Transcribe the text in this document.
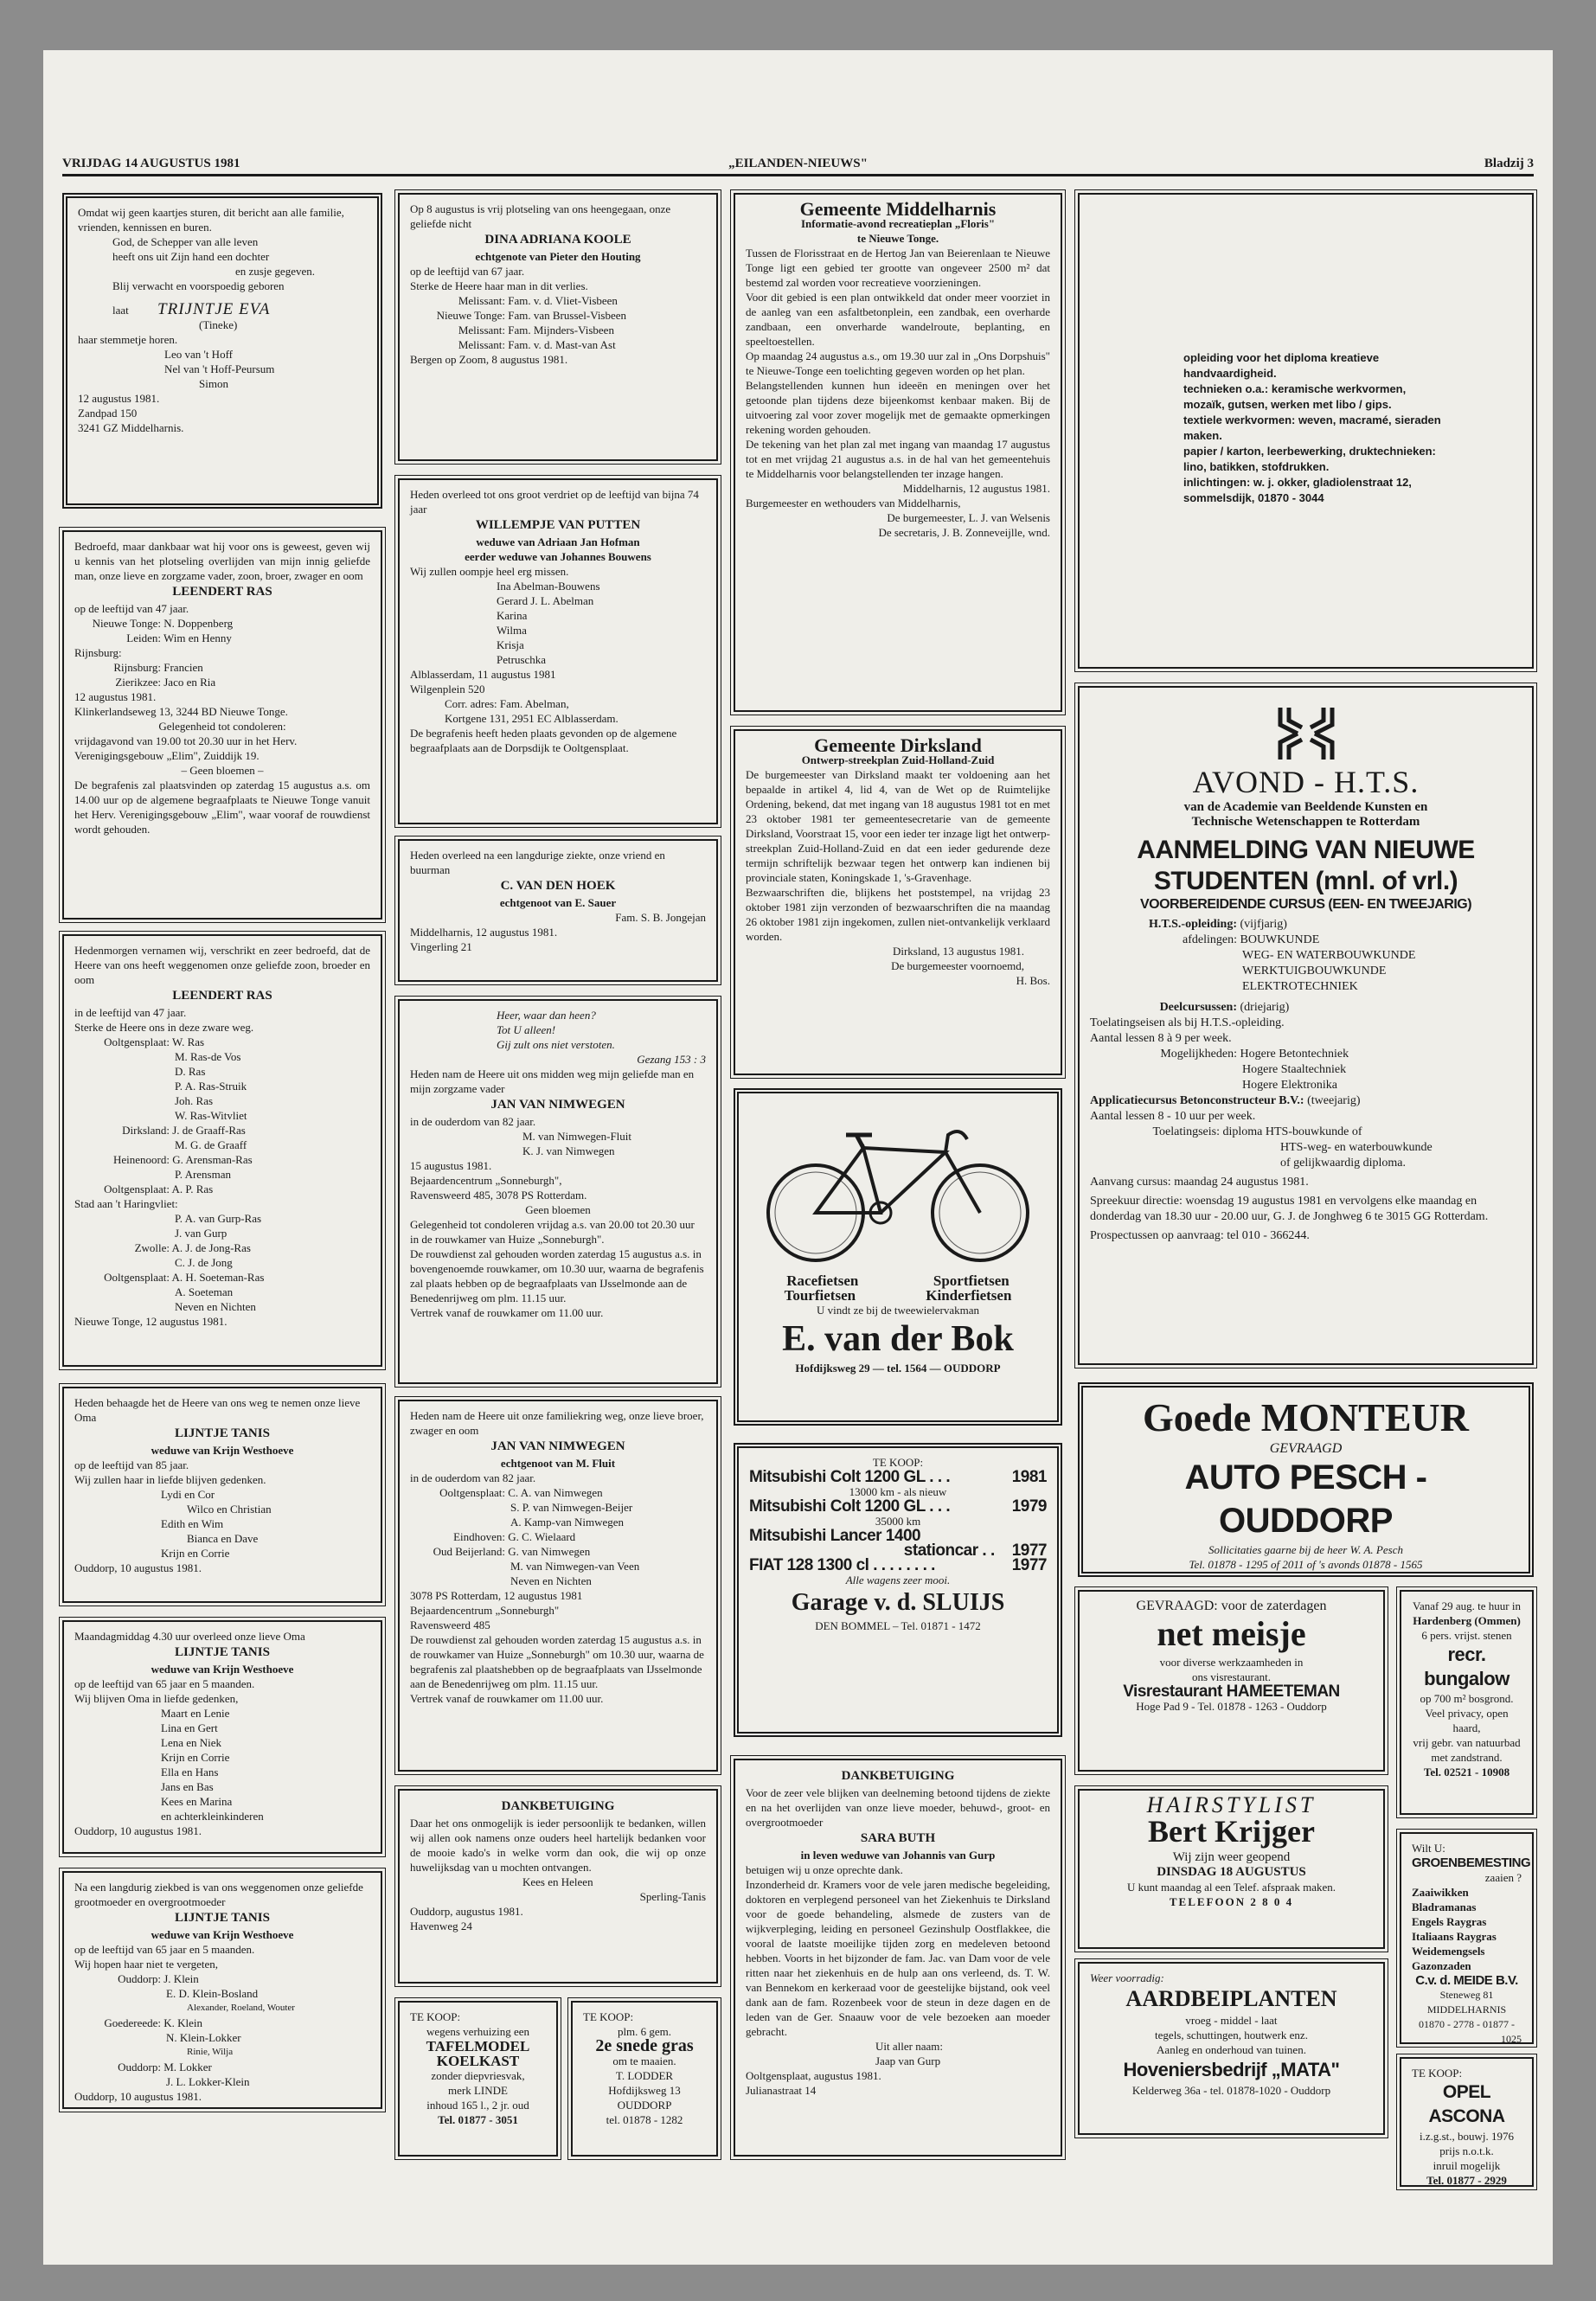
VRIJDAG 14 AUGUSTUS 1981	„EILANDEN-NIEUWS"	Bladzij 3
Omdat wij geen kaartjes sturen, dit bericht aan alle familie, vrienden, kennissen en buren.
God, de Schepper van alle leven
heeft ons uit Zijn hand een dochter
en zusje gegeven.
Blij verwacht en voorspoedig geboren
laat TRIJNTJE EVA
(Tineke)
haar stemmetje horen.
Leo van 't Hoff
Nel van 't Hoff-Peursum
Simon
12 augustus 1981.
Zandpad 150
3241 GZ Middelharnis.
Bedroefd, maar dankbaar wat hij voor ons is geweest, geven wij u kennis van het plotseling overlijden van mijn innig geliefde man, onze lieve en zorgzame vader, zoon, broer, zwager en oom
LEENDERT RAS
op de leeftijd van 47 jaar.
Nieuwe Tonge: N. Doppenberg
Leiden: Wim en Henny
Rijnsburg:
Rijnsburg: Francien
Zierikzee: Jaco en Ria
12 augustus 1981.
Klinkerlandseweg 13, 3244 BD Nieuwe Tonge.
Gelegenheid tot condoleren:
vrijdagavond van 19.00 tot 20.30 uur in het Herv. Verenigingsgebouw „Elim", Zuiddijk 19.
– Geen bloemen –
De begrafenis zal plaatsvinden op zaterdag 15 augustus a.s. om 14.00 uur op de algemene begraafplaats te Nieuwe Tonge vanuit het Herv. Verenigingsgebouw „Elim", waar vooraf de rouwdienst wordt gehouden.
Hedenmorgen vernamen wij, verschrikt en zeer bedroefd, dat de Heere van ons heeft weggenomen onze geliefde zoon, broeder en oom
LEENDERT RAS
in de leeftijd van 47 jaar.
Sterke de Heere ons in deze zware weg.
Ooltgensplaat: W. Ras
M. Ras-de Vos
D. Ras
P. A. Ras-Struik
Joh. Ras
W. Ras-Witvliet
Dirksland: J. de Graaff-Ras
M. G. de Graaff
Heinenoord: G. Arensman-Ras
P. Arensman
Ooltgensplaat: A. P. Ras
Stad aan 't Haringvliet:
P. A. van Gurp-Ras
J. van Gurp
Zwolle: A. J. de Jong-Ras
C. J. de Jong
Ooltgensplaat: A. H. Soeteman-Ras
A. Soeteman
Neven en Nichten
Nieuwe Tonge, 12 augustus 1981.
Heden behaagde het de Heere van ons weg te nemen onze lieve Oma
LIJNTJE TANIS
weduwe van Krijn Westhoeve
op de leeftijd van 85 jaar.
Wij zullen haar in liefde blijven gedenken.
Lydi en Cor
Wilco en Christian
Edith en Wim
Bianca en Dave
Krijn en Corrie
Ouddorp, 10 augustus 1981.
Maandagmiddag 4.30 uur overleed onze lieve Oma
LIJNTJE TANIS
weduwe van Krijn Westhoeve
op de leeftijd van 65 jaar en 5 maanden.
Wij blijven Oma in liefde gedenken,
Maart en Lenie
Lina en Gert
Lena en Niek
Krijn en Corrie
Ella en Hans
Jans en Bas
Kees en Marina
en achterkleinkinderen
Ouddorp, 10 augustus 1981.
Na een langdurig ziekbed is van ons weggenomen onze geliefde grootmoeder en overgrootmoeder
LIJNTJE TANIS
weduwe van Krijn Westhoeve
op de leeftijd van 65 jaar en 5 maanden.
Wij hopen haar niet te vergeten,
Ouddorp: J. Klein
E. D. Klein-Bosland
Alexander, Roeland, Wouter
Goedereede: K. Klein
N. Klein-Lokker
Rinie, Wilja
Ouddorp: M. Lokker
J. L. Lokker-Klein
Ouddorp, 10 augustus 1981.
Op 8 augustus is vrij plotseling van ons heengegaan, onze geliefde nicht
DINA ADRIANA KOOLE
echtgenote van Pieter den Houting
op de leeftijd van 67 jaar.
Sterke de Heere haar man in dit verlies.
Melissant: Fam. v. d. Vliet-Visbeen
Nieuwe Tonge: Fam. van Brussel-Visbeen
Melissant: Fam. Mijnders-Visbeen
Melissant: Fam. v. d. Mast-van Ast
Bergen op Zoom, 8 augustus 1981.
Heden overleed tot ons groot verdriet op de leeftijd van bijna 74 jaar
WILLEMPJE VAN PUTTEN
weduwe van Adriaan Jan Hofman
eerder weduwe van Johannes Bouwens
Wij zullen oompje heel erg missen.
Ina Abelman-Bouwens
Gerard J. L. Abelman
Karina
Wilma
Krisja
Petruschka
Alblasserdam, 11 augustus 1981
Wilgenplein 520
Corr. adres: Fam. Abelman,
Kortgene 131, 2951 EC Alblasserdam.
De begrafenis heeft heden plaats gevonden op de algemene begraafplaats aan de Dorpsdijk te Ooltgensplaat.
Heden overleed na een langdurige ziekte, onze vriend en buurman
C. VAN DEN HOEK
echtgenoot van E. Sauer
Fam. S. B. Jongejan
Middelharnis, 12 augustus 1981.
Vingerling 21
Heer, waar dan heen?
Tot U alleen!
Gij zult ons niet verstoten.
Gezang 153 : 3
Heden nam de Heere uit ons midden weg mijn geliefde man en mijn zorgzame vader
JAN VAN NIMWEGEN
in de ouderdom van 82 jaar.
M. van Nimwegen-Fluit
K. J. van Nimwegen
15 augustus 1981.
Bejaardencentrum „Sonneburgh",
Ravensweerd 485, 3078 PS Rotterdam.
Geen bloemen
Gelegenheid tot condoleren vrijdag a.s. van 20.00 tot 20.30 uur in de rouwkamer van Huize „Sonneburgh".
De rouwdienst zal gehouden worden zaterdag 15 augustus a.s. in bovengenoemde rouwkamer, om 10.30 uur, waarna de begrafenis zal plaats hebben op de begraafplaats van IJsselmonde aan de Benedenrijweg om plm. 11.15 uur.
Vertrek vanaf de rouwkamer om 11.00 uur.
Heden nam de Heere uit onze familiekring weg, onze lieve broer, zwager en oom
JAN VAN NIMWEGEN
echtgenoot van M. Fluit
in de ouderdom van 82 jaar.
Ooltgensplaat: C. A. van Nimwegen
S. P. van Nimwegen-Beijer
A. Kamp-van Nimwegen
Eindhoven: G. C. Wielaard
Oud Beijerland: G. van Nimwegen
M. van Nimwegen-van Veen
Neven en Nichten
3078 PS Rotterdam, 12 augustus 1981
Bejaardencentrum „Sonneburgh"
Ravensweerd 485
De rouwdienst zal gehouden worden zaterdag 15 augustus a.s. in de rouwkamer van Huize „Sonneburgh" om 10.30 uur, waarna de begrafenis zal plaatshebben op de begraafplaats van IJsselmonde aan de Benedenrijweg om plm. 11.15 uur.
Vertrek vanaf de rouwkamer om 11.00 uur.
DANKBETUIGING
Daar het ons onmogelijk is ieder persoonlijk te bedanken, willen wij allen ook namens onze ouders heel hartelijk bedanken voor de mooie kado's in welke vorm dan ook, die wij op onze huwelijksdag van u mochten ontvangen.
Kees en Heleen
Sperling-Tanis
Ouddorp, augustus 1981.
Havenweg 24
TE KOOP:
wegens verhuizing een
TAFELMODEL
KOELKAST
zonder diepvriesvak,
merk LINDE
inhoud 165 l., 2 jr. oud
Tel. 01877 - 3051
TE KOOP:
plm. 6 gem.
2e snede gras
om te maaien.
T. LODDER
Hofdijksweg 13
OUDDORP
tel. 01878 - 1282
Gemeente Middelharnis
Informatie-avond recreatieplan „Floris"
te Nieuwe Tonge.
Tussen de Florisstraat en de Hertog Jan van Beierenlaan te Nieuwe Tonge ligt een gebied ter grootte van ongeveer 2500 m² dat bestemd zal worden voor recreatieve voorzieningen.
Voor dit gebied is een plan ontwikkeld dat onder meer voorziet in de aanleg van een asfaltbetonplein, een zandbak, een overharde zandbaan, een onverharde wandelroute, beplanting, en speeltoestellen.
Op maandag 24 augustus a.s., om 19.30 uur zal in „Ons Dorpshuis" te Nieuwe-Tonge een toelichting gegeven worden op het plan.
Belangstellenden kunnen hun ideeën en meningen over het getoonde plan tijdens deze bijeenkomst kenbaar maken. Bij de uitvoering zal voor zover mogelijk met de gemaakte opmerkingen rekening worden gehouden.
De tekening van het plan zal met ingang van maandag 17 augustus tot en met vrijdag 21 augustus a.s. in de hal van het gemeentehuis te Middelharnis voor belangstellenden ter inzage hangen.
Middelharnis, 12 augustus 1981.
Burgemeester en wethouders van Middelharnis,
De burgemeester, L. J. van Welsenis
De secretaris, J. B. Zonneveijlle, wnd.
Gemeente Dirksland
Ontwerp-streekplan Zuid-Holland-Zuid
De burgemeester van Dirksland maakt ter voldoening aan het bepaalde in artikel 4, lid 4, van de Wet op de Ruimtelijke Ordening, bekend, dat met ingang van 18 augustus 1981 tot en met 23 oktober 1981 ter gemeentesecretarie van de gemeente Dirksland, Voorstraat 15, voor een ieder ter inzage ligt het ontwerp-streekplan Zuid-Holland-Zuid en dat een ieder gedurende deze termijn schriftelijk bezwaar tegen het ontwerp kan indienen bij provinciale staten, Koningskade 1, 's-Gravenhage.
Bezwaarschriften die, blijkens het poststempel, na vrijdag 23 oktober 1981 zijn verzonden of bezwaarschriften die na maandag 26 oktober 1981 zijn ingekomen, zullen niet-ontvankelijk verklaard worden.
Dirksland, 13 augustus 1981.
De burgemeester voornoemd,
H. Bos.
Racefietsen	Sportfietsen
Tourfietsen	Kinderfietsen
U vindt ze bij de tweewielervakman
E. van der Bok
Hofdijksweg 29 — tel. 1564 — OUDDORP
TE KOOP:
Mitsubishi Colt 1200 GL . . .	1981
13000 km - als nieuw
Mitsubishi Colt 1200 GL . . .	1979
35000 km
Mitsubishi Lancer 1400
stationcar . . 1977
FIAT 128 1300 cl . . . . . . . .	1977
Alle wagens zeer mooi.
Garage v. d. SLUIJS
DEN BOMMEL – Tel. 01871 - 1472
DANKBETUIGING
Voor de zeer vele blijken van deelneming betoond tijdens de ziekte en na het overlijden van onze lieve moeder, behuwd-, groot- en overgrootmoeder
SARA BUTH
in leven weduwe van Johannis van Gurp
betuigen wij u onze oprechte dank.
Inzonderheid dr. Kramers voor de vele jaren medische begeleiding, doktoren en verplegend personeel van het Ziekenhuis te Dirksland voor de goede behandeling, alsmede de zusters van de wijkverpleging, leiding en personeel Gezinshulp Oostflakkee, die vooral de laatste moeilijke tijden zorg en medeleven betoond hebben. Voorts in het bijzonder de fam. Jac. van Dam voor de vele ritten naar het ziekenhuis en de hulp aan ons verleend, ds. T. W. van Bennekom en kerkeraad voor de geestelijke bijstand, ook veel dank aan de fam. Rozenbeek voor de steun in deze dagen en de leden van de Ger. Snaauw voor de vele bezoeken aan moeder gebracht.
Uit aller naam:
Jaap van Gurp
Ooltgensplaat, augustus 1981.
Julianastraat 14
opleiding voor het diploma kreatieve handvaardigheid.
technieken o.a.: keramische werkvormen, mozaïk, gutsen, werken met libo / gips.
textiele werkvormen: weven, macramé, sieraden maken.
papier / karton, leerbewerking, druktechnieken: lino, batikken, stofdrukken.
inlichtingen: w. j. okker, gladiolenstraat 12, sommelsdijk, 01870 - 3044
AVOND - H.T.S.
van de Academie van Beeldende Kunsten en
Technische Wetenschappen te Rotterdam
AANMELDING VAN NIEUWE
STUDENTEN (mnl. of vrl.)
VOORBEREIDENDE CURSUS (EEN- EN TWEEJARIG)
H.T.S.-opleiding: (vijfjarig)
afdelingen: BOUWKUNDE
WEG- EN WATERBOUWKUNDE
WERKTUIGBOUWKUNDE
ELEKTROTECHNIEK
Deelcursussen: (driejarig)
Toelatingseisen als bij H.T.S.-opleiding.
Aantal lessen 8 à 9 per week.
Mogelijkheden: Hogere Betontechniek
Hogere Staaltechniek
Hogere Elektronika
Applicatiecursus Betonconstructeur B.V.: (tweejarig)
Aantal lessen 8 - 10 uur per week.
Toelatingseis: diploma HTS-bouwkunde of
HTS-weg- en waterbouwkunde
of gelijkwaardig diploma.
Aanvang cursus: maandag 24 augustus 1981.
Spreekuur directie: woensdag 19 augustus 1981 en vervolgens elke maandag en donderdag van 18.30 uur - 20.00 uur, G. J. de Jonghweg 6 te 3015 GG Rotterdam.
Prospectussen op aanvraag: tel 010 - 366244.
Goede MONTEUR
GEVRAAGD
AUTO PESCH - OUDDORP
Sollicitaties gaarne bij de heer W. A. Pesch
Tel. 01878 - 1295 of 2011 of 's avonds 01878 - 1565
GEVRAAGD: voor de zaterdagen
net meisje
voor diverse werkzaamheden in
ons visrestaurant.
Visrestaurant HAMEETEMAN
Hoge Pad 9 - Tel. 01878 - 1263 - Ouddorp
Vanaf 29 aug. te huur in
Hardenberg (Ommen)
6 pers. vrijst. stenen
recr. bungalow
op 700 m² bosgrond.
Veel privacy, open haard,
vrij gebr. van natuurbad
met zandstrand.
Tel. 02521 - 10908
HAIRSTYLIST
Bert Krijger
Wij zijn weer geopend
DINSDAG 18 AUGUSTUS
U kunt maandag al een Telef. afspraak maken.
TELEFOON 2 8 0 4
Wilt U:
GROENBEMESTING
zaaien ?
Zaaiwikken
Bladramanas
Engels Raygras
Italiaans Raygras
Weidemengsels
Gazonzaden
C.v. d. MEIDE B.V.
Steneweg 81
MIDDELHARNIS
01870 - 2778 - 01877 -
1025
Weer voorradig:
AARDBEIPLANTEN
vroeg - middel - laat
tegels, schuttingen, houtwerk enz.
Aanleg en onderhoud van tuinen.
Hoveniersbedrijf „MATA"
Kelderweg 36a - tel. 01878-1020 - Ouddorp
TE KOOP:
OPEL ASCONA
i.z.g.st., bouwj. 1976
prijs n.o.t.k.
inruil mogelijk
Tel. 01877 - 2929
